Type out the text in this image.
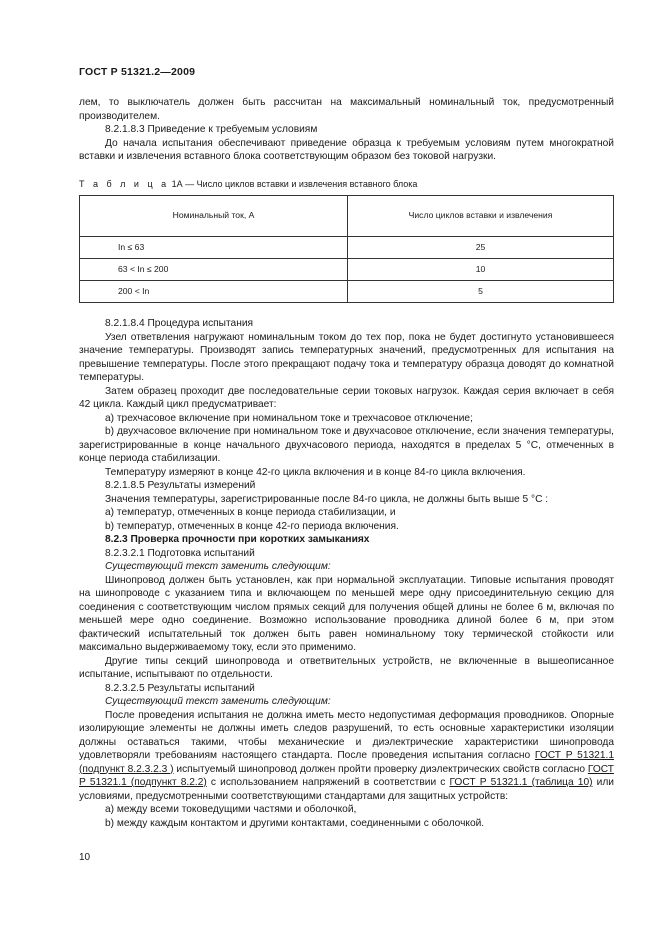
ГОСТ Р 51321.2—2009

лем, то выключатель должен быть рассчитан на максимальный номинальный ток, предусмотренный производителем.

8.2.1.8.3 Приведение к требуемым условиям

До начала испытания обеспечивают приведение образца к требуемым условиям путем многократной вставки и извлечения вставного блока соответствующим образом без токовой нагрузки.

Т а б л и ц а 1А — Число циклов вставки и извлечения вставного блока
Номинальный ток, А	Число циклов вставки и извлечения
In ≤ 63	25
63 < In ≤ 200	10
200 < In	5

8.2.1.8.4 Процедура испытания

Узел ответвления нагружают номинальным током до тех пор, пока не будет достигнуто установившееся значение температуры. Производят запись температурных значений, предусмотренных для испытания на превышение температуры. После этого прекращают подачу тока и температуру образца доводят до комнатной температуры.

Затем образец проходит две последовательные серии токовых нагрузок. Каждая серия включает в себя 42 цикла. Каждый цикл предусматривает:

а) трехчасовое включение при номинальном токе и трехчасовое отключение;

b) двухчасовое включение при номинальном токе и двухчасовое отключение, если значения температуры, зарегистрированные в конце начального двухчасового периода, находятся в пределах 5 °С, отмеченных в конце периода стабилизации.

Температуру измеряют в конце 42-го цикла включения и в конце 84-го цикла включения.

8.2.1.8.5 Результаты измерений

Значения температуры, зарегистрированные после 84-го цикла, не должны быть выше 5 °С :

а) температур, отмеченных в конце периода стабилизации, и

b) температур, отмеченных в конце 42-го периода включения.

8.2.3 Проверка прочности при коротких замыканиях

8.2.3.2.1 Подготовка испытаний

Существующий текст заменить следующим:

Шинопровод должен быть установлен, как при нормальной эксплуатации. Типовые испытания проводят на шинопроводе с указанием типа и включающем по меньшей мере одну присоединительную секцию для соединения с соответствующим числом прямых секций для получения общей длины не более 6 м, включая по меньшей мере одно соединение. Возможно использование проводника длиной более 6 м, при этом фактический испытательный ток должен быть равен номинальному току термической стойкости или максимально выдерживаемому току, если это применимо.

Другие типы секций шинопровода и ответвительных устройств, не включенные в вышеописанное испытание, испытывают по отдельности.

8.2.3.2.5 Результаты испытаний

Существующий текст заменить следующим:

После проведения испытания не должна иметь место недопустимая деформация проводников. Опорные изолирующие элементы не должны иметь следов разрушений, то есть основные характеристики изоляции должны оставаться такими, чтобы механические и диэлектрические характеристики шинопровода удовлетворяли требованиям настоящего стандарта. После проведения испытания согласно ГОСТ Р 51321.1 (подпункт 8.2.3.2.3 ) испытуемый шинопровод должен пройти проверку диэлектрических свойств согласно ГОСТ Р 51321.1 (подпункт 8.2.2) с использованием напряжений в соответствии с ГОСТ Р 51321.1 (таблица 10) или условиями, предусмотренными соответствующими стандартами для защитных устройств:

а) между всеми токоведущими частями и оболочкой,

b) между каждым контактом и другими контактами, соединенными с оболочкой.

10
